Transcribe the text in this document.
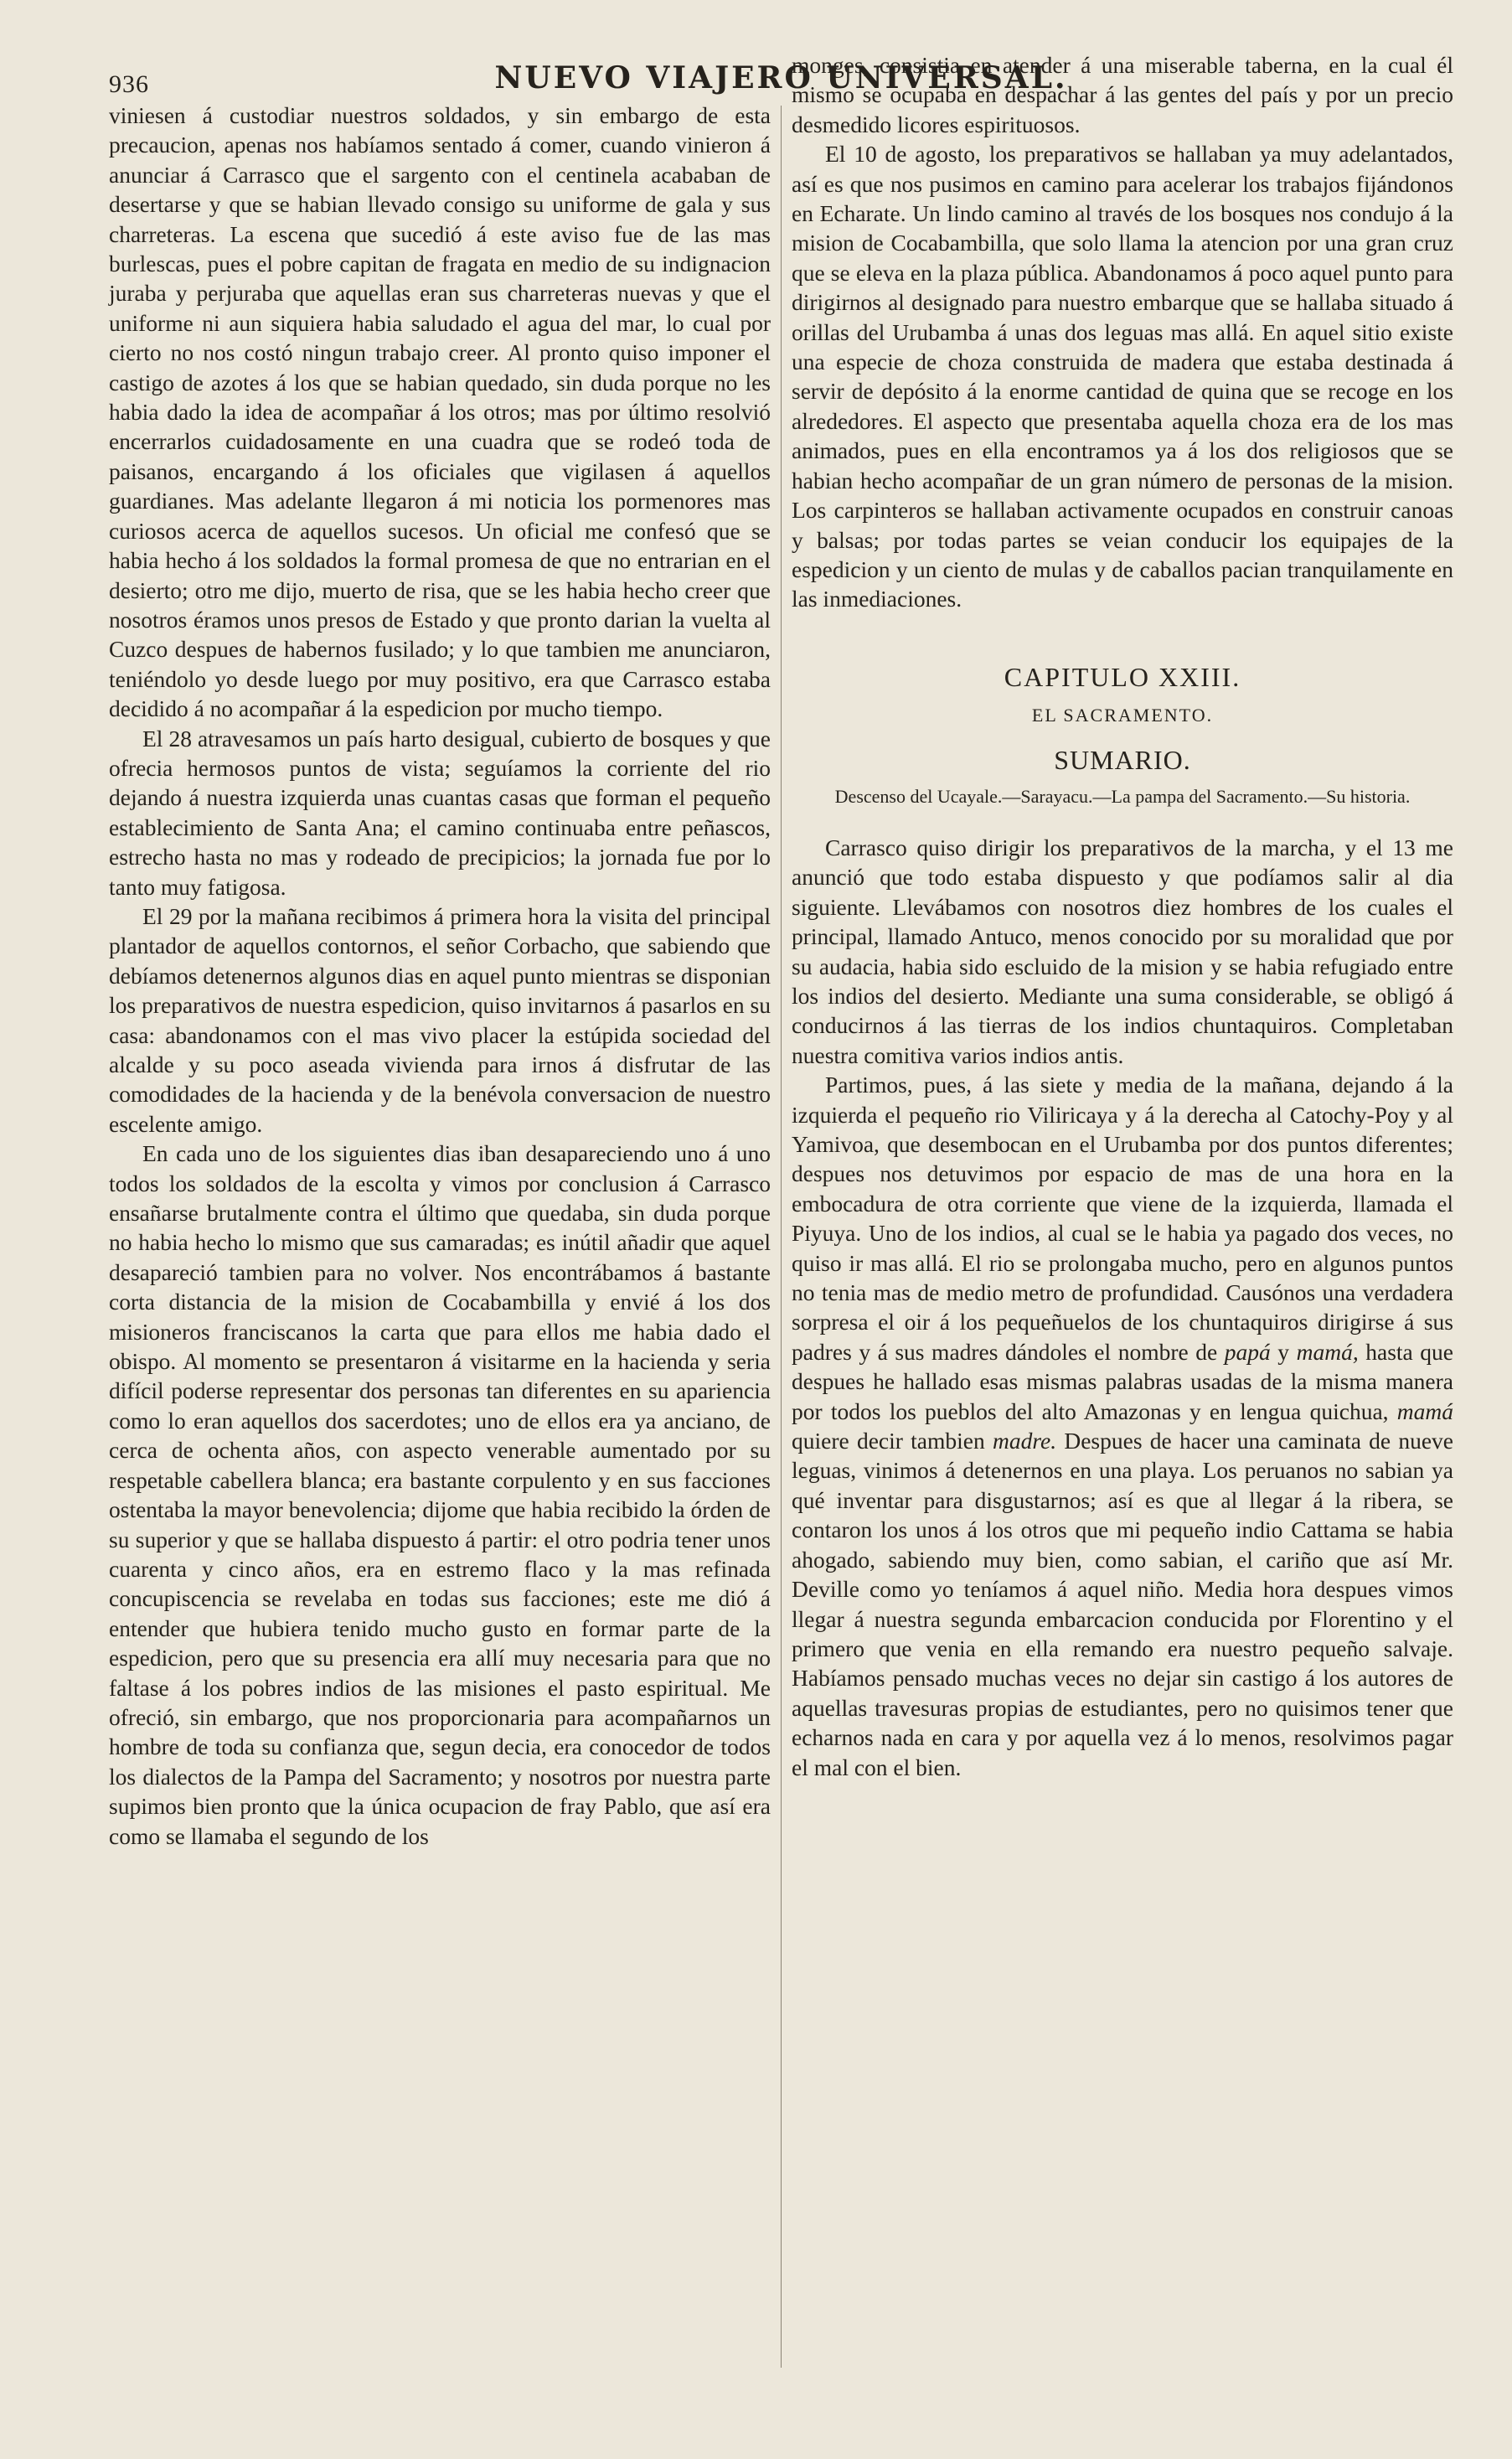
936	NUEVO VIAJERO UNIVERSAL.

viniesen á custodiar nuestros soldados, y sin embargo de esta precaucion, apenas nos habíamos sentado á comer, cuando vinieron á anunciar á Carrasco que el sargento con el centinela acababan de desertarse y que se habian llevado consigo su uniforme de gala y sus charreteras. La escena que sucedió á este aviso fue de las mas burlescas, pues el pobre capitan de fragata en medio de su indignacion juraba y perjuraba que aquellas eran sus charreteras nuevas y que el uniforme ni aun siquiera habia saludado el agua del mar, lo cual por cierto no nos costó ningun trabajo creer. Al pronto quiso imponer el castigo de azotes á los que se habian quedado, sin duda porque no les habia dado la idea de acompañar á los otros; mas por último resolvió encerrarlos cuidadosamente en una cuadra que se rodeó toda de paisanos, encargando á los oficiales que vigilasen á aquellos guardianes. Mas adelante llegaron á mi noticia los pormenores mas curiosos acerca de aquellos sucesos. Un oficial me confesó que se habia hecho á los soldados la formal promesa de que no entrarian en el desierto; otro me dijo, muerto de risa, que se les habia hecho creer que nosotros éramos unos presos de Estado y que pronto darian la vuelta al Cuzco despues de habernos fusilado; y lo que tambien me anunciaron, teniéndolo yo desde luego por muy positivo, era que Carrasco estaba decidido á no acompañar á la espedicion por mucho tiempo.

El 28 atravesamos un país harto desigual, cubierto de bosques y que ofrecia hermosos puntos de vista; seguíamos la corriente del rio dejando á nuestra izquierda unas cuantas casas que forman el pequeño establecimiento de Santa Ana; el camino continuaba entre peñascos, estrecho hasta no mas y rodeado de precipicios; la jornada fue por lo tanto muy fatigosa.

El 29 por la mañana recibimos á primera hora la visita del principal plantador de aquellos contornos, el señor Corbacho, que sabiendo que debíamos detenernos algunos dias en aquel punto mientras se disponian los preparativos de nuestra espedicion, quiso invitarnos á pasarlos en su casa: abandonamos con el mas vivo placer la estúpida sociedad del alcalde y su poco aseada vivienda para irnos á disfrutar de las comodidades de la hacienda y de la benévola conversacion de nuestro escelente amigo.

En cada uno de los siguientes dias iban desapareciendo uno á uno todos los soldados de la escolta y vimos por conclusion á Carrasco ensañarse brutalmente contra el último que quedaba, sin duda porque no habia hecho lo mismo que sus camaradas; es inútil añadir que aquel desapareció tambien para no volver. Nos encontrábamos á bastante corta distancia de la mision de Cocabambilla y envié á los dos misioneros franciscanos la carta que para ellos me habia dado el obispo. Al momento se presentaron á visitarme en la hacienda y seria difícil poderse representar dos personas tan diferentes en su apariencia como lo eran aquellos dos sacerdotes; uno de ellos era ya anciano, de cerca de ochenta años, con aspecto venerable aumentado por su respetable cabellera blanca; era bastante corpulento y en sus facciones ostentaba la mayor benevolencia; dijome que habia recibido la órden de su superior y que se hallaba dispuesto á partir: el otro podria tener unos cuarenta y cinco años, era en estremo flaco y la mas refinada concupiscencia se revelaba en todas sus facciones; este me dió á entender que hubiera tenido mucho gusto en formar parte de la espedicion, pero que su presencia era allí muy necesaria para que no faltase á los pobres indios de las misiones el pasto espiritual. Me ofreció, sin embargo, que nos proporcionaria para acompañarnos un hombre de toda su confianza que, segun decia, era conocedor de todos los dialectos de la Pampa del Sacramento; y nosotros por nuestra parte supimos bien pronto que la única ocupacion de fray Pablo, que así era como se llamaba el segundo de los

monges, consistia en atender á una miserable taberna, en la cual él mismo se ocupaba en despachar á las gentes del país y por un precio desmedido licores espirituosos.

El 10 de agosto, los preparativos se hallaban ya muy adelantados, así es que nos pusimos en camino para acelerar los trabajos fijándonos en Echarate. Un lindo camino al través de los bosques nos condujo á la mision de Cocabambilla, que solo llama la atencion por una gran cruz que se eleva en la plaza pública. Abandonamos á poco aquel punto para dirigirnos al designado para nuestro embarque que se hallaba situado á orillas del Urubamba á unas dos leguas mas allá. En aquel sitio existe una especie de choza construida de madera que estaba destinada á servir de depósito á la enorme cantidad de quina que se recoge en los alrededores. El aspecto que presentaba aquella choza era de los mas animados, pues en ella encontramos ya á los dos religiosos que se habian hecho acompañar de un gran número de personas de la mision. Los carpinteros se hallaban activamente ocupados en construir canoas y balsas; por todas partes se veian conducir los equipajes de la espedicion y un ciento de mulas y de caballos pacian tranquilamente en las inmediaciones.

CAPITULO XXIII.
EL SACRAMENTO.
SUMARIO.
Descenso del Ucayale.—Sarayacu.—La pampa del Sacramento.—Su historia.

Carrasco quiso dirigir los preparativos de la marcha, y el 13 me anunció que todo estaba dispuesto y que podíamos salir al dia siguiente. Llevábamos con nosotros diez hombres de los cuales el principal, llamado Antuco, menos conocido por su moralidad que por su audacia, habia sido escluido de la mision y se habia refugiado entre los indios del desierto. Mediante una suma considerable, se obligó á conducirnos á las tierras de los indios chuntaquiros. Completaban nuestra comitiva varios indios antis.

Partimos, pues, á las siete y media de la mañana, dejando á la izquierda el pequeño rio Viliricaya y á la derecha al Catochy-Poy y al Yamivoa, que desembocan en el Urubamba por dos puntos diferentes; despues nos detuvimos por espacio de mas de una hora en la embocadura de otra corriente que viene de la izquierda, llamada el Piyuya. Uno de los indios, al cual se le habia ya pagado dos veces, no quiso ir mas allá. El rio se prolongaba mucho, pero en algunos puntos no tenia mas de medio metro de profundidad. Causónos una verdadera sorpresa el oir á los pequeñuelos de los chuntaquiros dirigirse á sus padres y á sus madres dándoles el nombre de papá y mamá, hasta que despues he hallado esas mismas palabras usadas de la misma manera por todos los pueblos del alto Amazonas y en lengua quichua, mamá quiere decir tambien madre. Despues de hacer una caminata de nueve leguas, vinimos á detenernos en una playa. Los peruanos no sabian ya qué inventar para disgustarnos; así es que al llegar á la ribera, se contaron los unos á los otros que mi pequeño indio Cattama se habia ahogado, sabiendo muy bien, como sabian, el cariño que así Mr. Deville como yo teníamos á aquel niño. Media hora despues vimos llegar á nuestra segunda embarcacion conducida por Florentino y el primero que venia en ella remando era nuestro pequeño salvaje. Habíamos pensado muchas veces no dejar sin castigo á los autores de aquellas travesuras propias de estudiantes, pero no quisimos tener que echarnos nada en cara y por aquella vez á lo menos, resolvimos pagar el mal con el bien.
